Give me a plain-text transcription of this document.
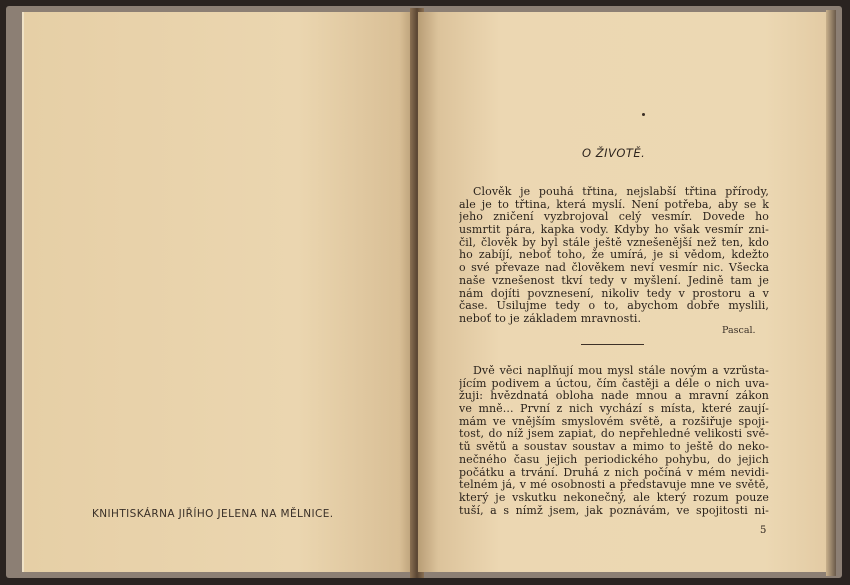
KNIHTISKÁRNA JIŘÍHO JELENA NA MĚLNICE.
O ŽIVOTĚ.
Člověk je pouhá třtina, nejslabší třtina přírody,
ale je to třtina, která myslí. Není potřeba, aby se k
jeho zničení vyzbrojoval celý vesmír. Dovede ho
usmrtit pára, kapka vody. Kdyby ho však vesmír zni-
čil, člověk by byl stále ještě vznešenější než ten, kdo
ho zabíjí, neboť toho, že umírá, je si vědom, kdežto
o své převaze nad člověkem neví vesmír nic. Všecka
naše vznešenost tkví tedy v myšlení. Jedině tam je
nám dojíti povznesení, nikoliv tedy v prostoru a v
čase. Usilujme tedy o to, abychom dobře myslili,
neboť to je základem mravnosti.
Pascal.
Dvě věci naplňují mou mysl stále novým a vzrůsta-
jícím podivem a úctou, čím častěji a déle o nich uva-
žuji: hvězdnatá obloha nade mnou a mravní zákon
ve mně... První z nich vychází s místa, které zaují-
mám ve vnějším smyslovém světě, a rozšiřuje spoji-
tost, do níž jsem zapiat, do nepřehledné velikosti svě-
tů světů a soustav soustav a mimo to ještě do neko-
nečného času jejich periodického pohybu, do jejich
počátku a trvání. Druhá z nich počíná v mém nevidi-
telném já, v mé osobnosti a představuje mne ve světě,
který je vskutku nekonečný, ale který rozum pouze
tuší, a s nímž jsem, jak poznávám, ve spojitosti ni-
5
